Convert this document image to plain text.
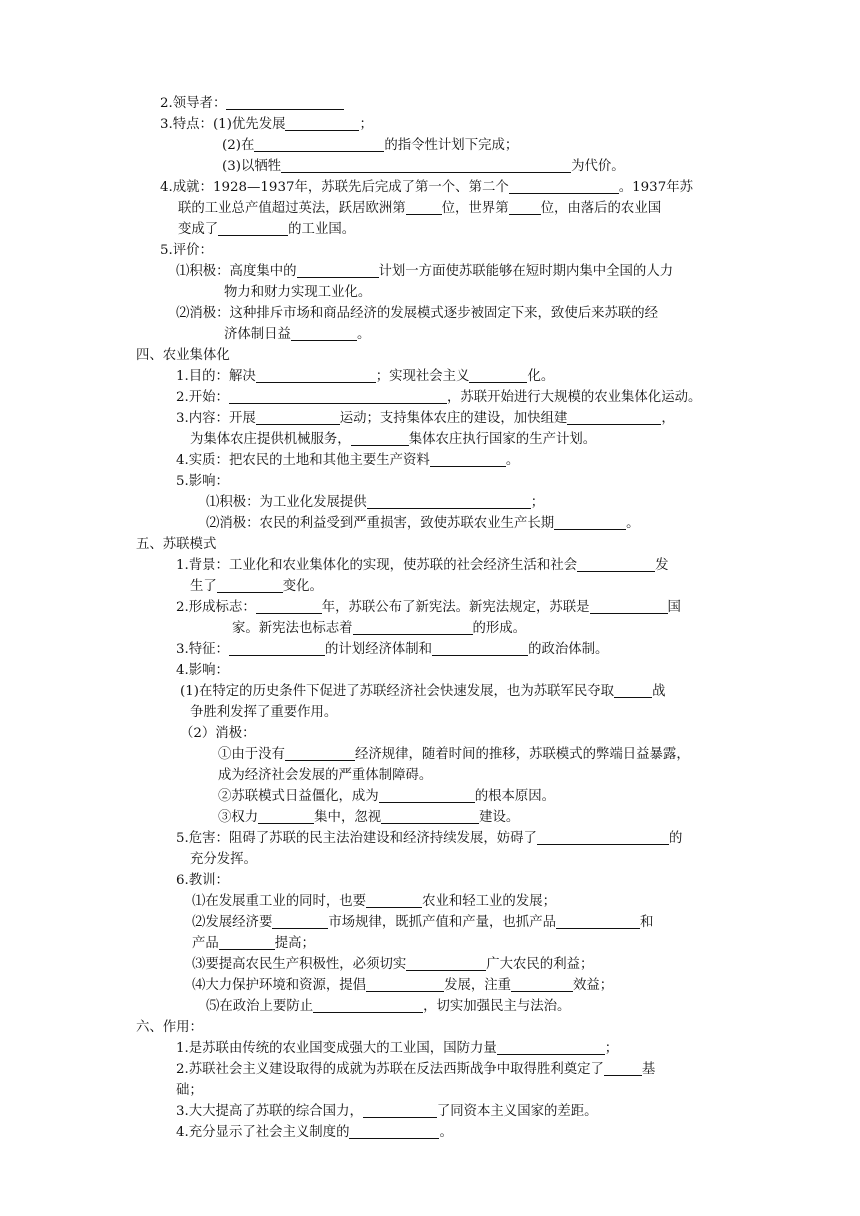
2.领导者：
3.特点：(1)优先发展	；
(2)在	的指令性计划下完成；
(3)以牺牲	为代价。
4.成就：1928—1937年，苏联先后完成了第一个、第二个	。1937年苏
联的工业总产值超过英法，跃居欧洲第	位，世界第 位，由落后的农业国
变成了	的工业国。
5.评价：
⑴积极：高度集中的	计划一方面使苏联能够在短时期内集中全国的人力
物力和财力实现工业化。
⑵消极：这种排斥市场和商品经济的发展模式逐步被固定下来，致使后来苏联的经
济体制日益	。
四、农业集体化
1.目的：解决	；实现社会主义	化。
2.开始：	，苏联开始进行大规模的农业集体化运动。
3.内容：开展	运动；支持集体农庄的建设，加快组建	，
为集体农庄提供机械服务，	集体农庄执行国家的生产计划。
4.实质：把农民的土地和其他主要生产资料	。
5.影响：
⑴积极：为工业化发展提供	；
⑵消极：农民的利益受到严重损害，致使苏联农业生产长期	。
五、苏联模式
1.背景：工业化和农业集体化的实现，使苏联的社会经济生活和社会	发
生了	变化。
2.形成标志：	年，苏联公布了新宪法。新宪法规定，苏联是	国
家。新宪法也标志着	的形成。
3.特征：	的计划经济体制和	的政治体制。
4.影响：
(1)在特定的历史条件下促进了苏联经济社会快速发展，也为苏联军民夺取	战
争胜利发挥了重要作用。
（2）消极：
①由于没有	经济规律，随着时间的推移，苏联模式的弊端日益暴露，
成为经济社会发展的严重体制障碍。
②苏联模式日益僵化，成为	的根本原因。
③权力	集中，忽视	建设。
5.危害：阻碍了苏联的民主法治建设和经济持续发展，妨碍了	的
充分发挥。
6.教训：
⑴在发展重工业的同时，也要	农业和轻工业的发展；
⑵发展经济要	市场规律，既抓产值和产量，也抓产品	和
产品	提高；
⑶要提高农民生产积极性，必须切实	广大农民的利益；
⑷大力保护环境和资源，提倡	发展，注重	效益；
⑸在政治上要防止	，切实加强民主与法治。
六、作用：
1.是苏联由传统的农业国变成强大的工业国，国防力量	；
2.苏联社会主义建设取得的成就为苏联在反法西斯战争中取得胜利奠定了	基
础；
3.大大提高了苏联的综合国力，	了同资本主义国家的差距。
4.充分显示了社会主义制度的	。
